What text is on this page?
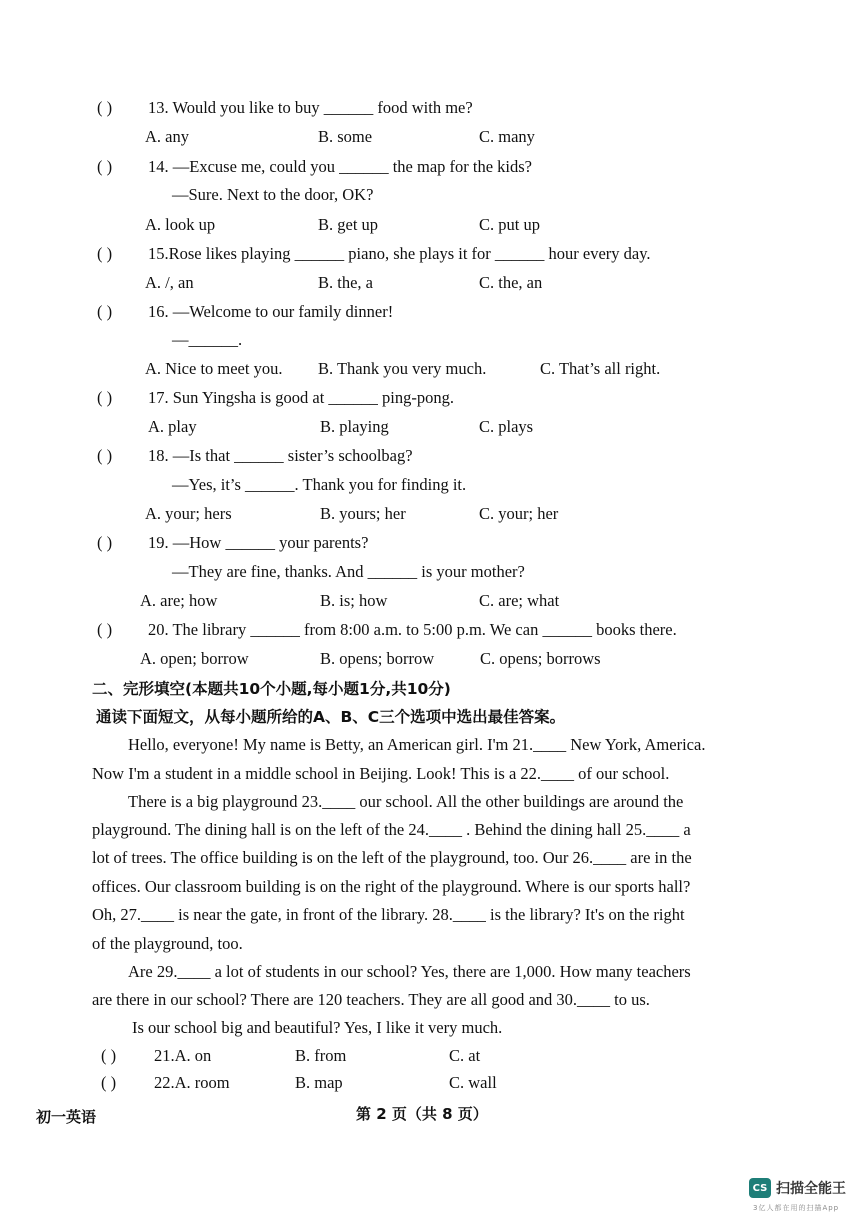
( ) 13. Would you like to buy ______ food with me?
A. any	B. some	C. many
( ) 14. —Excuse me, could you ______ the map for the kids?
—Sure. Next to the door, OK?
A. look up	B. get up	C. put up
( ) 15.Rose likes playing ______ piano, she plays it for ______ hour every day.
A. /, an	B. the, a	C. the, an
( ) 16. —Welcome to our family dinner!
—______.
A. Nice to meet you. B. Thank you very much.	C. That’s all right.
( ) 17. Sun Yingsha is good at ______ ping-pong.
A. play	B. playing	C. plays
( ) 18. —Is that ______ sister’s schoolbag?
—Yes, it’s ______. Thank you for finding it.
A. your; hers	B. yours; her	C. your; her
( ) 19. —How ______ your parents?
—They are fine, thanks. And ______ is your mother?
A. are; how	B. is; how	C. are; what
( ) 20. The library ______ from 8:00 a.m. to 5:00 p.m. We can ______ books there.
A. open; borrow	B. opens; borrow	C. opens; borrows
二、完形填空(本题共10个小题,每小题1分,共10分)
通读下面短文，从每小题所给的A、B、C三个选项中选出最佳答案。
Hello, everyone! My name is Betty, an American girl. I'm 21.____ New York, America.
Now I'm a student in a middle school in Beijing. Look! This is a 22.____ of our school.
There is a big playground 23.____ our school. All the other buildings are around the
playground. The dining hall is on the left of the 24.____ . Behind the dining hall 25.____ a
lot of trees. The office building is on the left of the playground, too. Our 26.____ are in the
offices. Our classroom building is on the right of the playground. Where is our sports hall?
Oh, 27.____ is near the gate, in front of the library. 28.____ is the library? It's on the right
of the playground, too.
Are 29.____ a lot of students in our school? Yes, there are 1,000. How many teachers
are there in our school? There are 120 teachers. They are all good and 30.____ to us.
Is our school big and beautiful? Yes, I like it very much.
( ) 21.A. on	B. from	C. at
( ) 22.A. room	B. map	C. wall
初一英语	第 2 页（共 8 页）
CS 扫描全能王
3亿人都在用的扫描App
